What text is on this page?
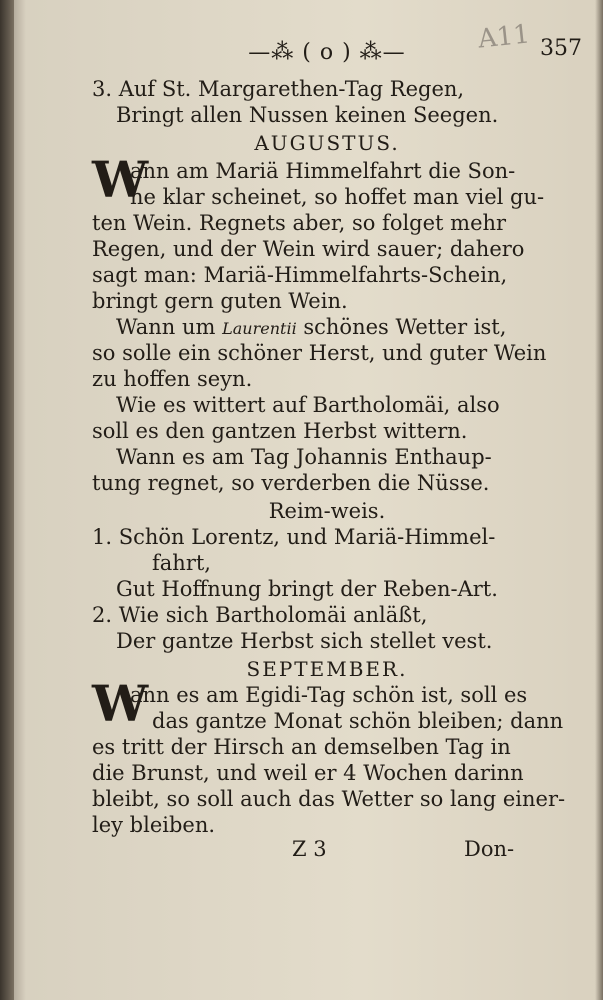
—⁂ ( o ) ⁂—	A11 357
3. Auf St. Margarethen-Tag Regen,
Bringt allen Nussen keinen Seegen.
AUGUSTUS.
W
ann am Mariä Himmelfahrt die Son-
ne klar scheinet, so hoffet man viel gu-
ten Wein. Regnets aber, so folget mehr
Regen, und der Wein wird sauer; dahero
sagt man: Mariä-Himmelfahrts-Schein,
bringt gern guten Wein.
Wann um Laurentii schönes Wetter ist,
so solle ein schöner Herst, und guter Wein
zu hoffen seyn.
Wie es wittert auf Bartholomäi, also
soll es den gantzen Herbst wittern.
Wann es am Tag Johannis Enthaup-
tung regnet, so verderben die Nüsse.
Reim-weis.
1. Schön Lorentz, und Mariä-Himmel-
fahrt,
Gut Hoffnung bringt der Reben-Art.
2. Wie sich Bartholomäi anläßt,
Der gantze Herbst sich stellet vest.
SEPTEMBER.
W
ann es am Egidi-Tag schön ist, soll es
das gantze Monat schön bleiben; dann
es tritt der Hirsch an demselben Tag in
die Brunst, und weil er 4 Wochen darinn
bleibt, so soll auch das Wetter so lang einer-
ley bleiben.
Z 3	Don-
